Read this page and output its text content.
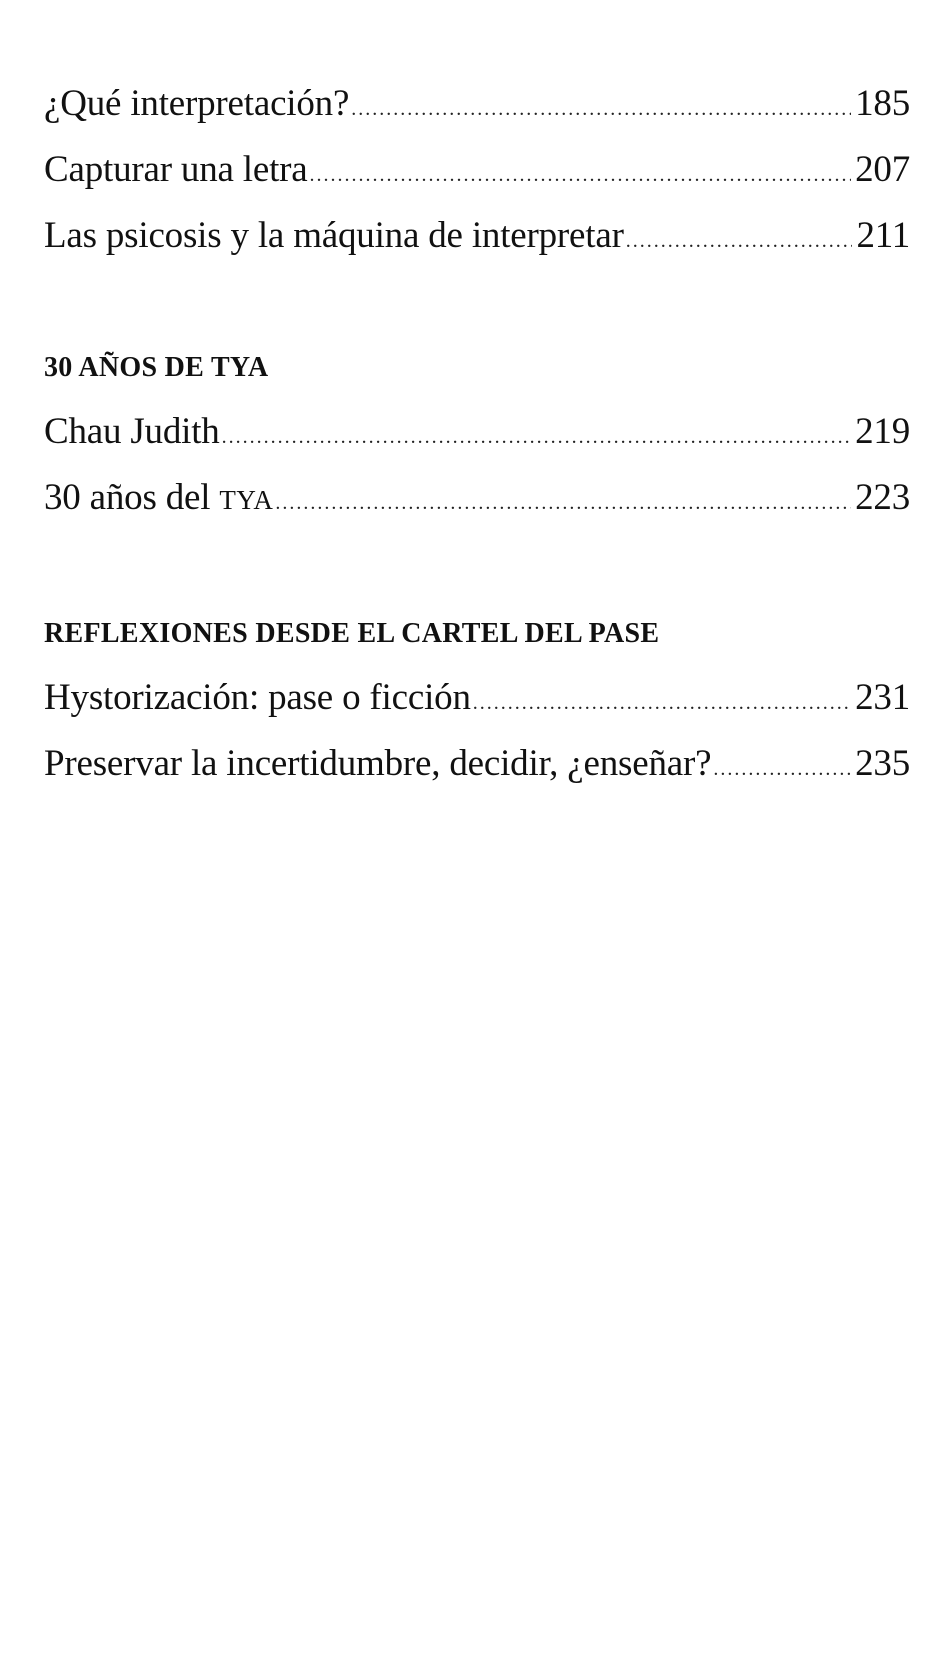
¿Qué interpretación? .....	185
Capturar una letra .....	207
Las psicosis y la máquina de interpretar .....	211
30 AÑOS DE TYA
Chau Judith .....	219
30 años del TYA .....	223
REFLEXIONES DESDE EL CARTEL DEL PASE
Hystorización: pase o ficción .....	231
Preservar la incertidumbre, decidir, ¿enseñar? .....	235
